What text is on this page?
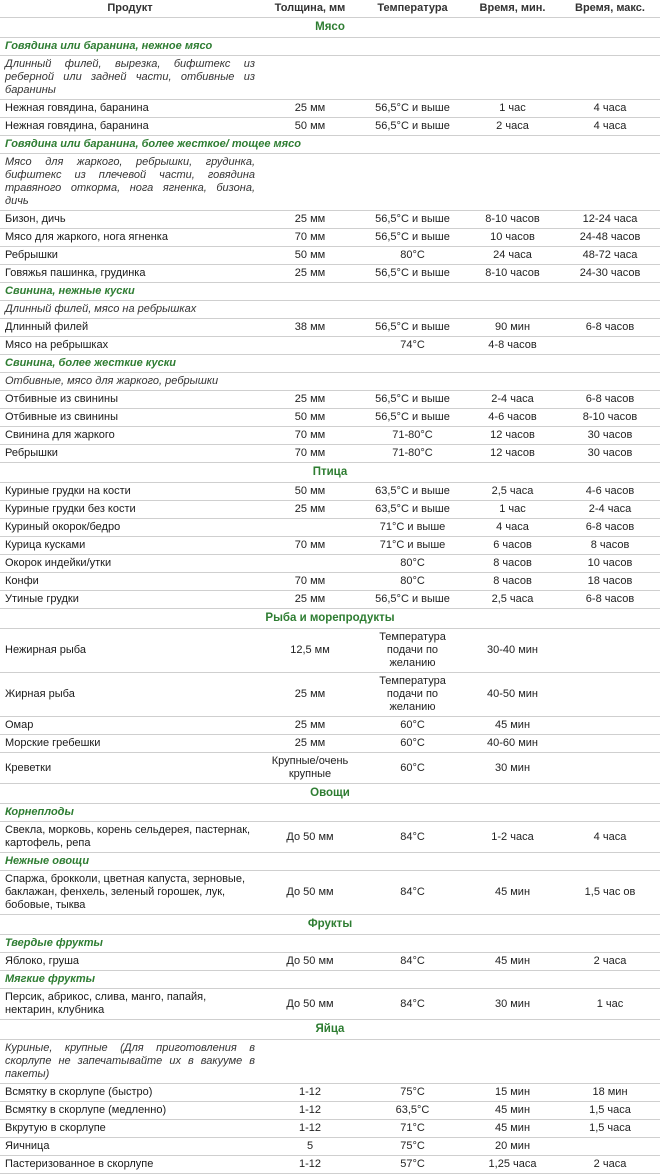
Продукт	Толщина, мм	Температура	Время, мин.	Время, макс.
Мясо				
Говядина или баранина, нежное мясо				

Длинный филей, вырезка, бифштекс из реберной или задней части, отбивные из баранины				

Нежная говядина, баранина	25 мм	56,5°C и выше	1 час	4 часа
Нежная говядина, баранина	50 мм	56,5°C и выше	2 часа	4 часа
Говядина или баранина, более жесткое/ тощее мясо				

Мясо для жаркого, ребрышки, грудинка, бифштекс из плечевой части, говядина травяного откорма, нога ягненка, бизона, дичь				

Бизон, дичь	25 мм	56,5°C и выше	8-10 часов	12-24 часа
Мясо для жаркого, нога ягненка	70 мм	56,5°C и выше	10 часов	24-48 часов
Ребрышки	50 мм	80°C	24 часа	48-72 часа
Говяжья пашинка, грудинка	25 мм	56,5°C и выше	8-10 часов	24-30 часов
Свинина, нежные куски				

Длинный филей, мясо на ребрышках				

Длинный филей	38 мм	56,5°C и выше	90 мин	6-8 часов
Мясо на ребрышках		74°C	4-8 часов	
Свинина, более жесткие куски				

Отбивные, мясо для жаркого, ребрышки				

Отбивные из свинины	25 мм	56,5°C и выше	2-4 часа	6-8 часов
Отбивные из свинины	50 мм	56,5°C и выше	4-6 часов	8-10 часов
Свинина для жаркого	70 мм	71-80°C	12 часов	30 часов
Ребрышки	70 мм	71-80°C	12 часов	30 часов
Птица				
Куриные грудки на кости	50 мм	63,5°C и выше	2,5 часа	4-6 часов
Куриные грудки без кости	25 мм	63,5°C и выше	1 час	2-4 часа
Куриный окорок/бедро		71°C и выше	4 часа	6-8 часов
Курица кусками	70 мм	71°C и выше	6 часов	8 часов
Окорок индейки/утки		80°C	8 часов	10 часов
Конфи	70 мм	80°C	8 часов	18 часов
Утиные грудки	25 мм	56,5°C и выше	2,5 часа	6-8 часов
Рыба и морепродукты				
Нежирная рыба	12,5 мм	Температура подачи по желанию	30-40 мин	
Жирная рыба	25 мм	Температура подачи по желанию	40-50 мин	
Омар	25 мм	60°C	45 мин	
Морские гребешки	25 мм	60°C	40-60 мин	
Креветки	Крупные/очень крупные	60°C	30 мин	
Овощи				
Корнеплоды				
Свекла, морковь, корень сельдерея, пастернак, картофель, репа	До 50 мм	84°C	1-2 часа	4 часа
Нежные овощи				
Спаржа, брокколи, цветная капуста, зерновые, баклажан, фенхель, зеленый горошек, лук, бобовые, тыква	До 50 мм	84°C	45 мин	1,5 час ов
Фрукты				
Твердые фрукты				
Яблоко, груша	До 50 мм	84°C	45 мин	2 часа
Мягкие фрукты				
Персик, абрикос, слива, манго, папайя, нектарин, клубника	До 50 мм	84°C	30 мин	1 час
Яйца				

Куриные, крупные (Для приготовления в скорлупе не запечатывайте их в вакууме в пакеты)				

Всмятку в скорлупе (быстро)	1-12	75°C	15 мин	18 мин
Всмятку в скорлупе (медленно)	1-12	63,5°C	45 мин	1,5 часа
Вкрутую в скорлупе	1-12	71°C	45 мин	1,5 часа
Яичница	5	75°C	20 мин	
Пастеризованное в скорлупе	1-12	57°C	1,25 часа	2 часа
